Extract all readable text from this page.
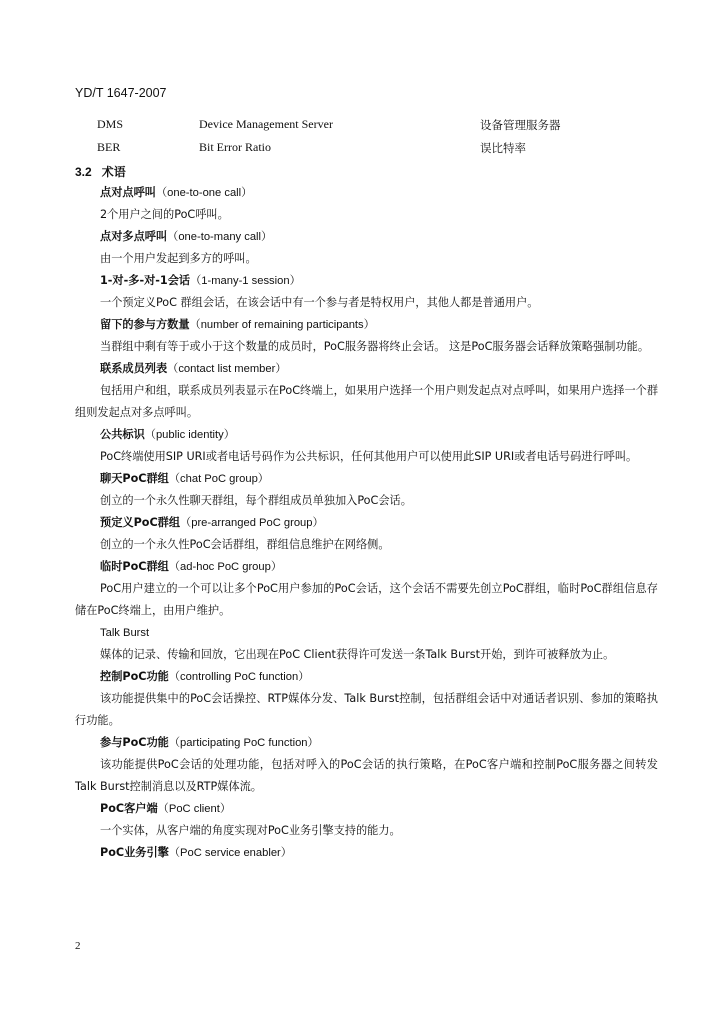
YD/T 1647-2007
DMS	Device Management Server	设备管理服务器
BER	Bit Error Ratio	误比特率
3.2 术语

点对点呼叫（one-to-one call）

2个用户之间的PoC呼叫。

点对多点呼叫（one-to-many call）

由一个用户发起到多方的呼叫。

1-对-多-对-1会话（1-many-1 session）

一个预定义PoC 群组会话，在该会话中有一个参与者是特权用户，其他人都是普通用户。

留下的参与方数量（number of remaining participants）

当群组中剩有等于或小于这个数量的成员时，PoC服务器将终止会话。 这是PoC服务器会话释放策略强制功能。

联系成员列表（contact list member）

包括用户和组，联系成员列表显示在PoC终端上，如果用户选择一个用户则发起点对点呼叫，如果用户选择一个群组则发起点对多点呼叫。

公共标识（public identity）

PoC终端使用SIP URI或者电话号码作为公共标识，任何其他用户可以使用此SIP URI或者电话号码进行呼叫。

聊天PoC群组（chat PoC group）

创立的一个永久性聊天群组，每个群组成员单独加入PoC会话。

预定义PoC群组（pre-arranged PoC group）

创立的一个永久性PoC会话群组，群组信息维护在网络侧。

临时PoC群组（ad-hoc PoC group）

PoC用户建立的一个可以让多个PoC用户参加的PoC会话，这个会话不需要先创立PoC群组，临时PoC群组信息存储在PoC终端上，由用户维护。

Talk Burst

媒体的记录、传输和回放，它出现在PoC Client获得许可发送一条Talk Burst开始，到许可被释放为止。

控制PoC功能（controlling PoC function）

该功能提供集中的PoC会话操控、RTP媒体分发、Talk Burst控制，包括群组会话中对通话者识别、参加的策略执行功能。

参与PoC功能（participating PoC function）

该功能提供PoC会话的处理功能，包括对呼入的PoC会话的执行策略，在PoC客户端和控制PoC服务器之间转发Talk Burst控制消息以及RTP媒体流。

PoC客户端（PoC client）

一个实体，从客户端的角度实现对PoC业务引擎支持的能力。

PoC业务引擎（PoC service enabler）

2
